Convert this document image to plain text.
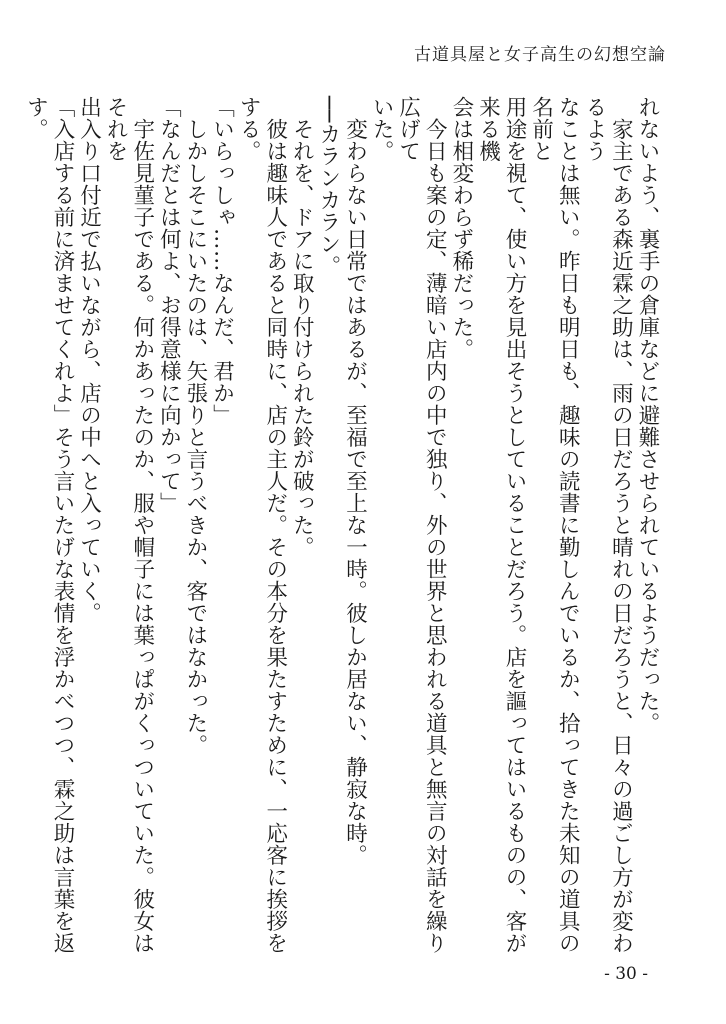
古道具屋と女子高生の幻想空論

れないよう、裏手の倉庫などに避難させられているようだった。

　家主である森近霖之助は、雨の日だろうと晴れの日だろうと、日々の過ごし方が変わるよう

なことは無い。昨日も明日も、趣味の読書に勤しんでいるか、拾ってきた未知の道具の名前と

用途を視て、使い方を見出そうとしていることだろう。店を謳ってはいるものの、客が来る機

会は相変わらず稀だった。

　今日も案の定、薄暗い店内の中で独り、外の世界と思われる道具と無言の対話を繰り広げて

いた。

　変わらない日常ではあるが、至福で至上な一時。彼しか居ない、静寂な時。

──カランカラン。

　それを、ドアに取り付けられた鈴が破った。

　彼は趣味人であると同時に、店の主人だ。その本分を果たすために、一応客に挨拶をする。

「いらっしゃ……なんだ、君か」

　しかしそこにいたのは、矢張りと言うべきか、客ではなかった。

「なんだとは何よ、お得意様に向かって」

　宇佐見菫子である。何かあったのか、服や帽子には葉っぱがくっついていた。彼女はそれを

出入り口付近で払いながら、店の中へと入っていく。

「入店する前に済ませてくれよ」そう言いたげな表情を浮かべつつ、霖之助は言葉を返す。

- 30 -
